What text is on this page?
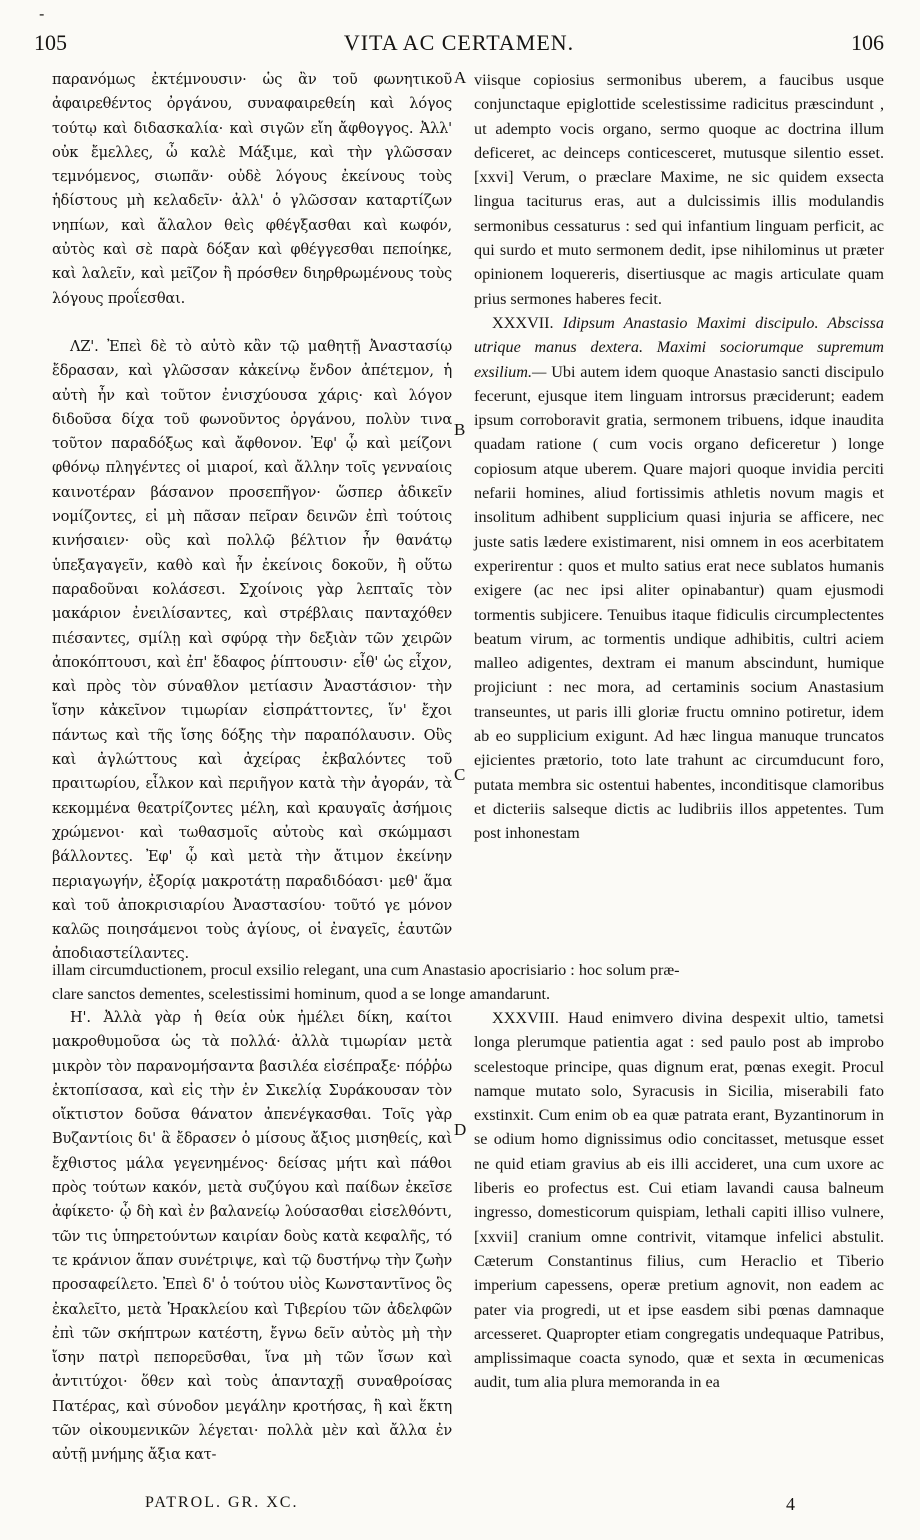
-
105	VITA AC CERTAMEN.	106

παρανόμως ἐκτέμνουσιν· ὡς ἂν τοῦ φωνητικοῦ ἀφαιρεθέντος ὀργάνου, συναφαιρεθείη καὶ λόγος τούτῳ καὶ διδασκαλία· καὶ σιγῶν εἴη ἄφθογγος. Ἀλλ' οὐκ ἔμελλες, ὦ καλὲ Μάξιμε, καὶ τὴν γλῶσσαν τεμνόμενος, σιωπᾶν· οὐδὲ λόγους ἐκείνους τοὺς ἡδίστους μὴ κελαδεῖν· ἀλλ' ὁ γλῶσσαν καταρτίζων νηπίων, καὶ ἄλαλον θεὶς φθέγξασθαι καὶ κωφόν, αὐτὸς καὶ σὲ παρὰ δόξαν καὶ φθέγγεσθαι πεποίηκε, καὶ λαλεῖν, καὶ μεῖζον ἢ πρόσθεν διηρθρωμένους τοὺς λόγους προΐεσθαι.

ΛΖ'. Ἐπεὶ δὲ τὸ αὐτὸ κἂν τῷ μαθητῇ Ἀναστασίῳ ἔδρασαν, καὶ γλῶσσαν κἀκείνῳ ἔνδον ἀπέτεμον, ἡ αὐτὴ ἦν καὶ τοῦτον ἐνισχύουσα χάρις· καὶ λόγον διδοῦσα δίχα τοῦ φωνοῦντος ὀργάνου, πολὺν τινα τοῦτον παραδόξως καὶ ἄφθονον. Ἐφ' ᾧ καὶ μείζονι φθόνῳ πληγέντες οἱ μιαροί, καὶ ἄλλην τοῖς γενναίοις καινοτέραν βάσανον προσεπῆγον· ὥσπερ ἀδικεῖν νομίζοντες, εἰ μὴ πᾶσαν πεῖραν δεινῶν ἐπὶ τούτοις κινήσαιεν· οὓς καὶ πολλῷ βέλτιον ἦν θανάτῳ ὑπεξαγαγεῖν, καθὸ καὶ ἦν ἐκείνοις δοκοῦν, ἢ οὕτω παραδοῦναι κολάσεσι. Σχοίνοις γὰρ λεπταῖς τὸν μακάριον ἐνειλίσαντες, καὶ στρέβλαις πανταχόθεν πιέσαντες, σμίλῃ καὶ σφύρᾳ τὴν δεξιὰν τῶν χειρῶν ἀποκόπτουσι, καὶ ἐπ' ἔδαφος ῥίπτουσιν· εἶθ' ὡς εἶχον, καὶ πρὸς τὸν σύναθλον μετίασιν Ἀναστάσιον· τὴν ἴσην κἀκεῖνον τιμωρίαν εἰσπράττοντες, ἵν' ἔχοι πάντως καὶ τῆς ἴσης δόξης τὴν παραπόλαυσιν. Οὓς καὶ ἀγλώττους καὶ ἀχείρας ἐκβαλόντες τοῦ πραιτωρίου, εἷλκον καὶ περιῆγον κατὰ τὴν ἀγοράν, τὰ κεκομμένα θεατρίζοντες μέλη, καὶ κραυγαῖς ἀσήμοις χρώμενοι· καὶ τωθασμοῖς αὐτοὺς καὶ σκώμμασι βάλλοντες. Ἐφ' ᾧ καὶ μετὰ τὴν ἄτιμον ἐκείνην περιαγωγήν, ἐξορίᾳ μακροτάτῃ παραδιδόασι· μεθ' ἅμα καὶ τοῦ ἀποκρισιαρίου Ἀναστασίου· τοῦτό γε μόνον καλῶς ποιησάμενοι τοὺς ἁγίους, οἱ ἐναγεῖς, ἑαυτῶν ἀποδιαστείλαντες.

viisque copiosius sermonibus uberem, a faucibus usque conjunctaque epiglottide scelestissime radicitus præscindunt , ut adempto vocis organo, sermo quoque ac doctrina illum deficeret, ac deinceps conticesceret, mutusque silentio esset. [xxvi] Verum, o præclare Maxime, ne sic quidem exsecta lingua taciturus eras, aut a dulcissimis illis modulandis sermonibus cessaturus : sed qui infantium linguam perficit, ac qui surdo et muto sermonem dedit, ipse nihilominus ut præter opinionem loquereris, disertiusque ac magis articulate quam prius sermones haberes fecit.

XXXVII. Idipsum Anastasio Maximi discipulo. Abscissa utrique manus dextera. Maximi sociorumque supremum exsilium.— Ubi autem idem quoque Anastasio sancti discipulo fecerunt, ejusque item linguam introrsus præciderunt; eadem ipsum corroboravit gratia, sermonem tribuens, idque inaudita quadam ratione ( cum vocis organo deficeretur ) longe copiosum atque uberem. Quare majori quoque invidia perciti nefarii homines, aliud fortissimis athletis novum magis et insolitum adhibent supplicium quasi injuria se afficere, nec juste satis lædere existimarent, nisi omnem in eos acerbitatem experirentur : quos et multo satius erat nece sublatos humanis exigere (ac nec ipsi aliter opinabantur) quam ejusmodi tormentis subjicere. Tenuibus itaque fidiculis circumplectentes beatum virum, ac tormentis undique adhibitis, cultri aciem malleo adigentes, dextram ei manum abscindunt, humique projiciunt : nec mora, ad certaminis socium Anastasium transeuntes, ut paris illi gloriæ fructu omnino potiretur, idem ab eo supplicium exigunt. Ad hæc lingua manuque truncatos ejicientes prætorio, toto late trahunt ac circumducunt foro, putata membra sic ostentui habentes, inconditisque clamoribus et dicteriis salseque dictis ac ludibriis illos appetentes. Tum post inhonestam

A
B
C
D
illam circumductionem, procul exsilio relegant, una cum Anastasio apocrisiario : hoc solum præ-
clare sanctos dementes, scelestissimi hominum, quod a se longe amandarunt.

Η'. Ἀλλὰ γὰρ ἡ θεία οὐκ ἠμέλει δίκη, καίτοι μακροθυμοῦσα ὡς τὰ πολλά· ἀλλὰ τιμωρίαν μετὰ μικρὸν τὸν παρανομήσαντα βασιλέα εἰσέπραξε· πόῤῥω ἐκτοπίσασα, καὶ εἰς τὴν ἐν Σικελίᾳ Συράκουσαν τὸν οἴκτιστον δοῦσα θάνατον ἀπενέγκασθαι. Τοῖς γὰρ Βυζαντίοις δι' ἃ ἔδρασεν ὁ μίσους ἄξιος μισηθείς, καὶ ἔχθιστος μάλα γεγενημένος· δείσας μήτι καὶ πάθοι πρὸς τούτων κακόν, μετὰ συζύγου καὶ παίδων ἐκεῖσε ἀφίκετο· ᾧ δὴ καὶ ἐν βαλανείῳ λούσασθαι εἰσελθόντι, τῶν τις ὑπηρετούντων καιρίαν δοὺς κατὰ κεφαλῆς, τό τε κράνιον ἅπαν συνέτριψε, καὶ τῷ δυστήνῳ τὴν ζωὴν προσαφείλετο. Ἐπεὶ δ' ὁ τούτου υἱὸς Κωνσταντῖνος ὃς ἐκαλεῖτο, μετὰ Ἡρακλείου καὶ Τιβερίου τῶν ἀδελφῶν ἐπὶ τῶν σκήπτρων κατέστη, ἔγνω δεῖν αὐτὸς μὴ τὴν ἴσην πατρὶ πεπορεῦσθαι, ἵνα μὴ τῶν ἴσων καὶ ἀντιτύχοι· ὅθεν καὶ τοὺς ἁπανταχῇ συναθροίσας Πατέρας, καὶ σύνοδον μεγάλην κροτήσας, ἣ καὶ ἕκτη τῶν οἰκουμενικῶν λέγεται· πολλὰ μὲν καὶ ἄλλα ἐν αὐτῇ μνήμης ἄξια κατ-

XXXVIII. Haud enimvero divina despexit ultio, tametsi longa plerumque patientia agat : sed paulo post ab improbo scelestoque principe, quas dignum erat, pœnas exegit. Procul namque mutato solo, Syracusis in Sicilia, miserabili fato exstinxit. Cum enim ob ea quæ patrata erant, Byzantinorum in se odium homo dignissimus odio concitasset, metusque esset ne quid etiam gravius ab eis illi accideret, una cum uxore ac liberis eo profectus est. Cui etiam lavandi causa balneum ingresso, domesticorum quispiam, lethali capiti illiso vulnere, [xxvii] cranium omne contrivit, vitamque infelici abstulit. Cæterum Constantinus filius, cum Heraclio et Tiberio imperium capessens, operæ pretium agnovit, non eadem ac pater via progredi, ut et ipse easdem sibi pœnas damnaque arcesseret. Quapropter etiam congregatis undequaque Patribus, amplissimaque coacta synodo, quæ et sexta in œcumenicas audit, tum alia plura memoranda in ea

PATROL. GR. XC.	4
